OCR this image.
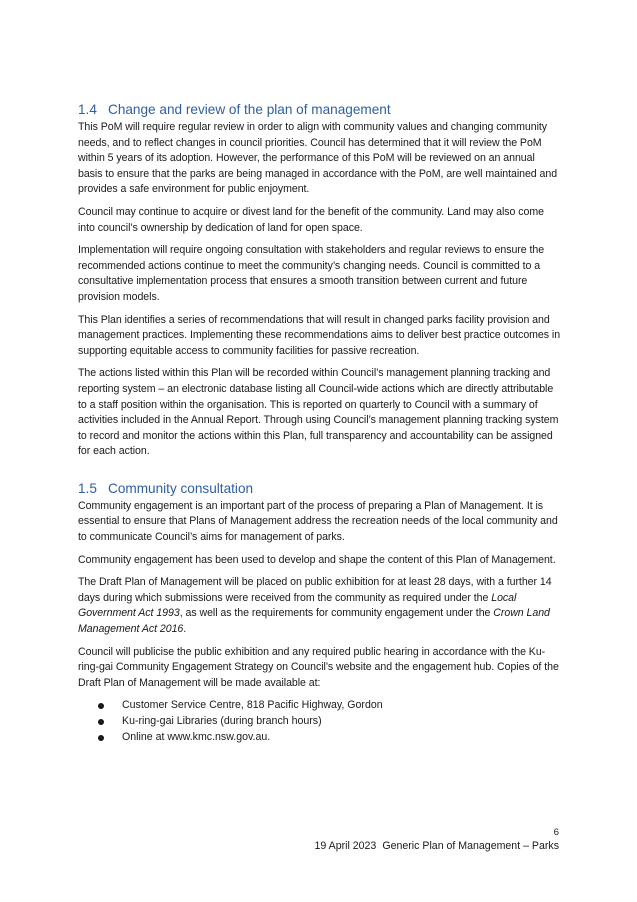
1.4 Change and review of the plan of management

This PoM will require regular review in order to align with community values and changing community needs, and to reflect changes in council priorities. Council has determined that it will review the PoM within 5 years of its adoption. However, the performance of this PoM will be reviewed on an annual basis to ensure that the parks are being managed in accordance with the PoM, are well maintained and provides a safe environment for public enjoyment.

Council may continue to acquire or divest land for the benefit of the community. Land may also come into council’s ownership by dedication of land for open space.

Implementation will require ongoing consultation with stakeholders and regular reviews to ensure the recommended actions continue to meet the community’s changing needs. Council is committed to a consultative implementation process that ensures a smooth transition between current and future provision models.

This Plan identifies a series of recommendations that will result in changed parks facility provision and management practices. Implementing these recommendations aims to deliver best practice outcomes in supporting equitable access to community facilities for passive recreation.

The actions listed within this Plan will be recorded within Council’s management planning tracking and reporting system – an electronic database listing all Council-wide actions which are directly attributable to a staff position within the organisation. This is reported on quarterly to Council with a summary of activities included in the Annual Report. Through using Council’s management planning tracking system to record and monitor the actions within this Plan, full transparency and accountability can be assigned for each action.

1.5 Community consultation

Community engagement is an important part of the process of preparing a Plan of Management. It is essential to ensure that Plans of Management address the recreation needs of the local community and to communicate Council’s aims for management of parks.

Community engagement has been used to develop and shape the content of this Plan of Management.

The Draft Plan of Management will be placed on public exhibition for at least 28 days, with a further 14 days during which submissions were received from the community as required under the Local Government Act 1993, as well as the requirements for community engagement under the Crown Land Management Act 2016.

Council will publicise the public exhibition and any required public hearing in accordance with the Ku-ring-gai Community Engagement Strategy on Council’s website and the engagement hub. Copies of the Draft Plan of Management will be made available at:

Customer Service Centre, 818 Pacific Highway, Gordon
Ku-ring-gai Libraries (during branch hours)
Online at www.kmc.nsw.gov.au.
6
19 April 2023 Generic Plan of Management – Parks
